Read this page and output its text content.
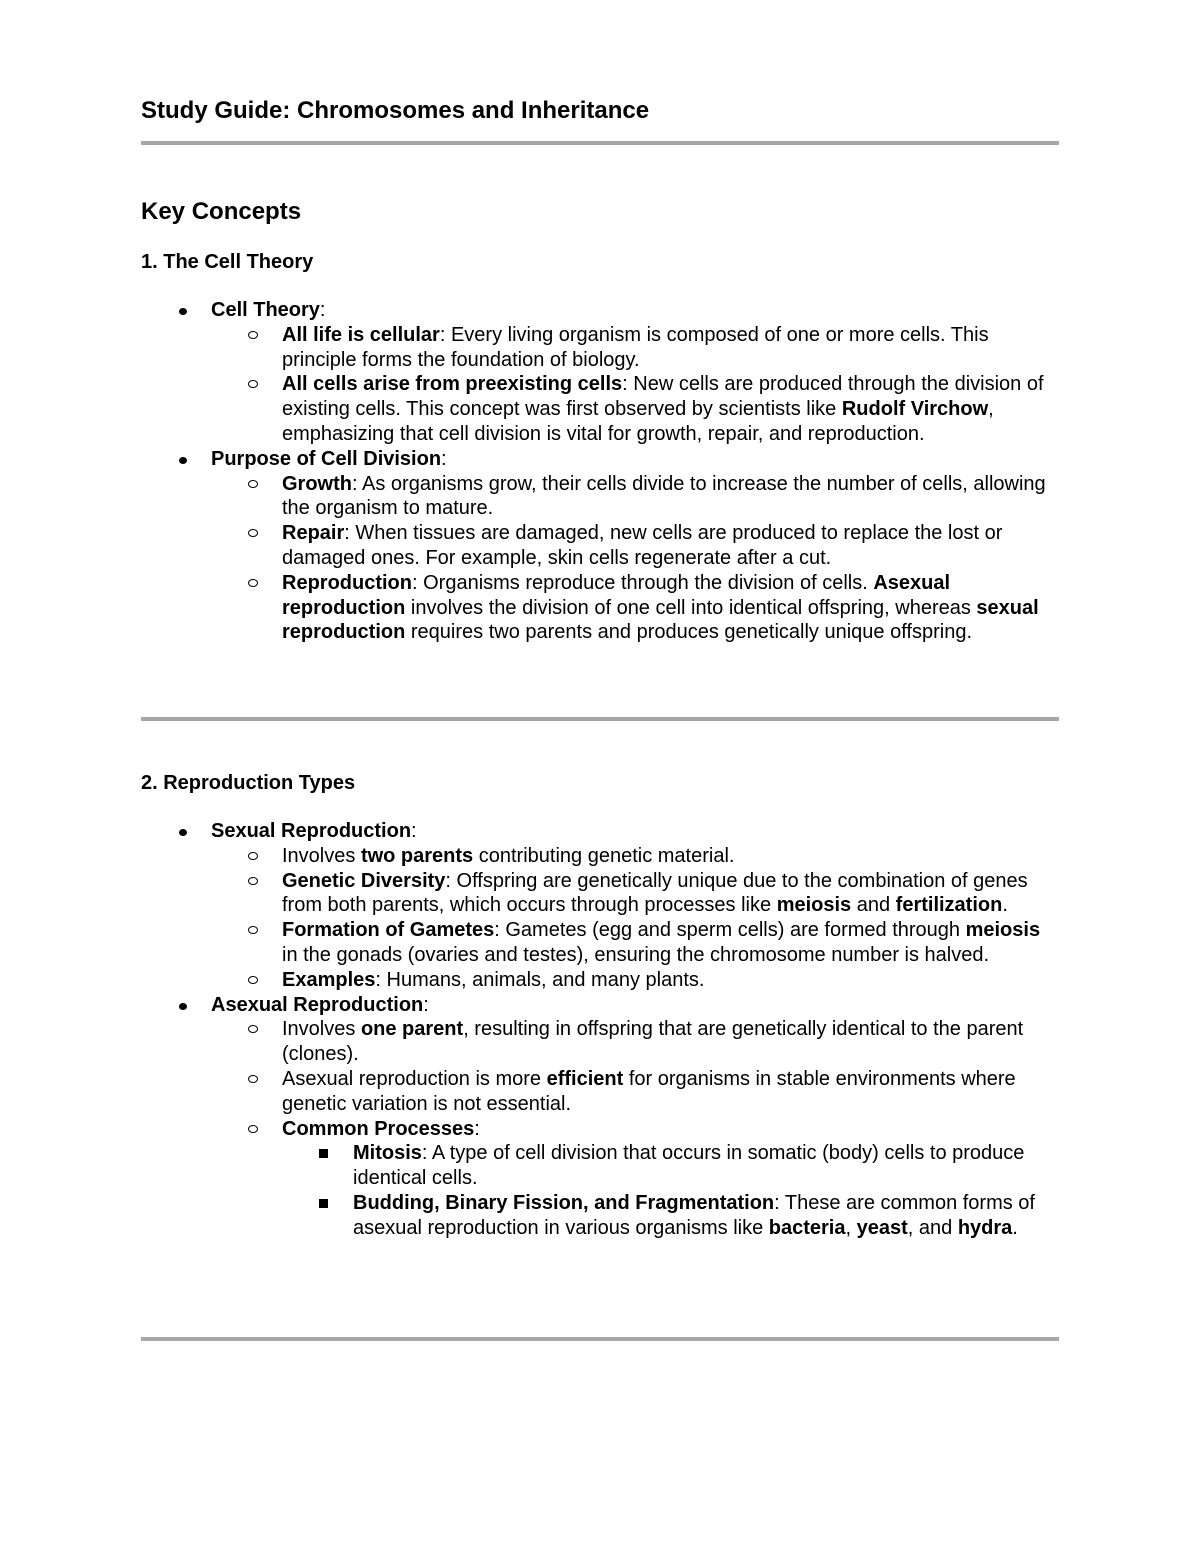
Study Guide: Chromosomes and Inheritance
Key Concepts
1. The Cell Theory
Cell Theory:
All life is cellular: Every living organism is composed of one or more cells. This principle forms the foundation of biology.
All cells arise from preexisting cells: New cells are produced through the division of existing cells. This concept was first observed by scientists like Rudolf Virchow, emphasizing that cell division is vital for growth, repair, and reproduction.
Purpose of Cell Division:
Growth: As organisms grow, their cells divide to increase the number of cells, allowing the organism to mature.
Repair: When tissues are damaged, new cells are produced to replace the lost or damaged ones. For example, skin cells regenerate after a cut.
Reproduction: Organisms reproduce through the division of cells. Asexual reproduction involves the division of one cell into identical offspring, whereas sexual reproduction requires two parents and produces genetically unique offspring.
2. Reproduction Types
Sexual Reproduction:
Involves two parents contributing genetic material.
Genetic Diversity: Offspring are genetically unique due to the combination of genes from both parents, which occurs through processes like meiosis and fertilization.
Formation of Gametes: Gametes (egg and sperm cells) are formed through meiosis in the gonads (ovaries and testes), ensuring the chromosome number is halved.
Examples: Humans, animals, and many plants.
Asexual Reproduction:
Involves one parent, resulting in offspring that are genetically identical to the parent (clones).
Asexual reproduction is more efficient for organisms in stable environments where genetic variation is not essential.
Common Processes:
Mitosis: A type of cell division that occurs in somatic (body) cells to produce identical cells.
Budding, Binary Fission, and Fragmentation: These are common forms of asexual reproduction in various organisms like bacteria, yeast, and hydra.
